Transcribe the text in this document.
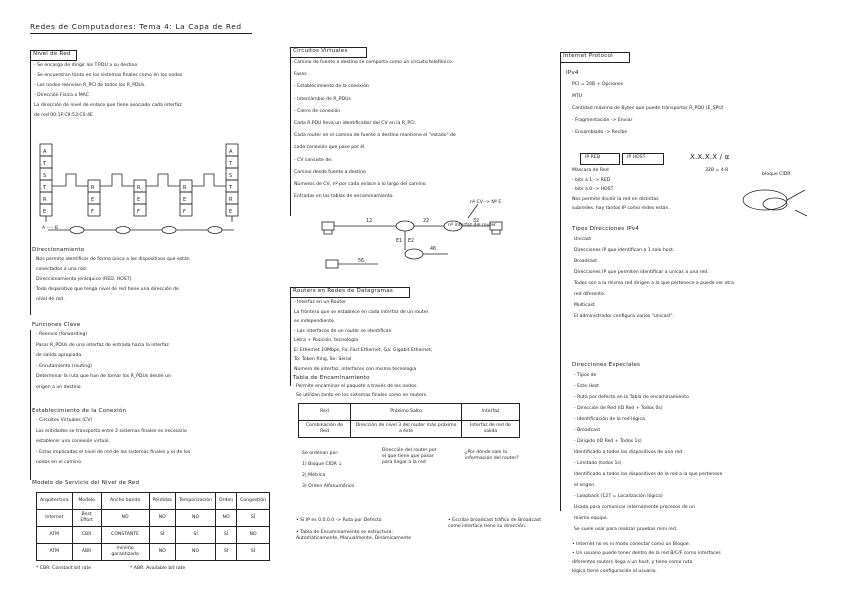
Redes de Computadores: Tema 4: La Capa de Red
Nivel de Red
- Se encarga de dirigir los T.PDU a su destino
- Se encuentran tanto en los sistemas finales como en los nodos
- Los nodos reenvían R_PCI de todos los R_PDUs.
- Dirección Física o MAC
La dirección de nivel de enlace que tiene asociado cada interfaz
de red 00:1F:C9:53:C0:4E
A
T
S
T
R
E
R
E
F
R
E
F
R
E
F
A
T
S
T
R
E
A ---- B
Direccionamiento
Nos permite identificar de forma única a los dispositivos que están
conectados a una red.
Direccionamiento jerárquico (RED. HOST)
Todo dispositivo que tenga nivel de red tiene una dirección de
nivel de red.
Funciones Clave
- Reenvío (forwarding)
Pasar R_PDUs de una interfaz de entrada hacia la interfaz
de salida apropiada.
- Enrutamiento (routing)
Determinar la ruta que han de tomar los R_PDUs desde un
origen a un destino.
Establecimiento de la Conexión
- Circuitos Virtuales (CV)
Los entidades se transporta entre 2 sistemas finales es necesario
establecer una conexión virtual.
- Estas implicadas el nivel de red de los sistemas finales y el de los
nodos en el camino.
Modelo de Servicio del Nivel de Red
Arquitectura	Modelo	Ancho banda	Pérdidas	Temporización	Orden	Congestión
Internet	Best Effort	NO	NO	NO	NO	SÍ
ATM	CBR	CONSTANTE	SÍ	SÍ	SÍ	NO
ATM	ABR	mínimo garantizado	NO	NO	SÍ	SÍ
* CBR: Constant bit rate	* ABR: Available bit rate
Circuitos Virtuales
Camino de fuente a destino se comporta como un circuito telefónico.
Fases
- Establecimiento de la conexión
- Intercambio de R_PDUs
- Cierre de conexión
Cada R.PDU lleva un identificador del CV en la R_PCI.
Cada router en el camino de fuente a destino mantiene el "estado" de
cada conexión que pase por él.
- CV consiste de:
Camino desde fuente a destino
Números de CV, nº por cada enlace a lo largo del camino.
Entradas en las tablas de encaminamiento.
12	22	32
E1 E2
56
46
nº CV -> Nº E
nº interfaz del router
Routers en Redes de Datagramas
- Interfaz en un Router
La frontera que se establece en cada interfaz de un router
es independiente.
- Las interfaces de un router se identifican
Letra + Posición, tecnología
E: Ethernet 10Mbps, Fa: Fast Ethernet, Ga: Gigabit Ethernet,
To: Token Ring, Se: Serial
Número de interfaz, interfaces con misma tecnología
Tabla de Encaminamiento
Permite encaminar el paquete a través de los nodos.
Se utilizan tanto en los sistemas finales como en routers.
Red	Próximo Salto	Interfaz
Combinación de Red	Dirección de nivel 3 del router más próximo a éste	Interfaz de red de salida
Se ordenan por:
1) Bloque CIDR ↓
2) Métrica
3) Orden Alfanumérico
Dirección del router por el que tiene que pasar para llegar a la red
¿Por dónde sale la información del router?
• Si IP es 0.0.0.0 -> Ruta por Defecto
• Tabla de Encaminamiento se estructura: Automáticamente, Manualmente, Dinámicamente
• Escribe broadcast tráfico de Broadcast como interface tiene su dirección.
Internet Protocol
IPv4
PCI = 20B + Opciones
MTU
Cantidad máxima de Bytes que puede transportar R_PDU (E_SPU)
- Fragmentación -> Enviar
- Ensamblado -> Recibe
IP RED	IP HOST	X.X.X.X / α
32B = 4·8
bloque CIDR
Máscara de Red
- bits a 1 -> RED
- bits a 0 -> HOST
Nos permite dividir la red en distintas
subredes, hay tantos IP como redes están.
Tipos Direcciones IPv4
Unicast
Direcciones IP que identifican a 1 solo host.
Broadcast
Direcciones IP que permiten identificar a unicas a una red.
Todos son a la misma red dirigen a lo que pertenece a puede ser otra
red diferente.
Multicast
El administrador configura varios "unicast".
Direcciones Especiales
- Tipos de
- Este Host
- Ruta por defecto en la Tabla de encaminamiento
- Dirección de Red (ID Red + Todos 0s)
- Identificación de la red lógica.
- Broadcast
- Dirigido (ID Red + Todos 1s)
Identificado a todos los dispositivos de una red
- Limitado (todos 1s)
Identificado a todos los dispositivos de la red a la que pertenece
el origen.
- Loopback (127 = Localización lógica)
Usada para comunicar internamente procesos de un
mismo equipo.
Se suele usar para realizar pruebas mini red.
• Internet no es ni modo conectar como un Bloque.
• Un usuario puede tener dentro de la red B/C/F como interfaces
diferentes routers llega a un host, y tiene como ruta
lógica tiene configuración el usuario.
